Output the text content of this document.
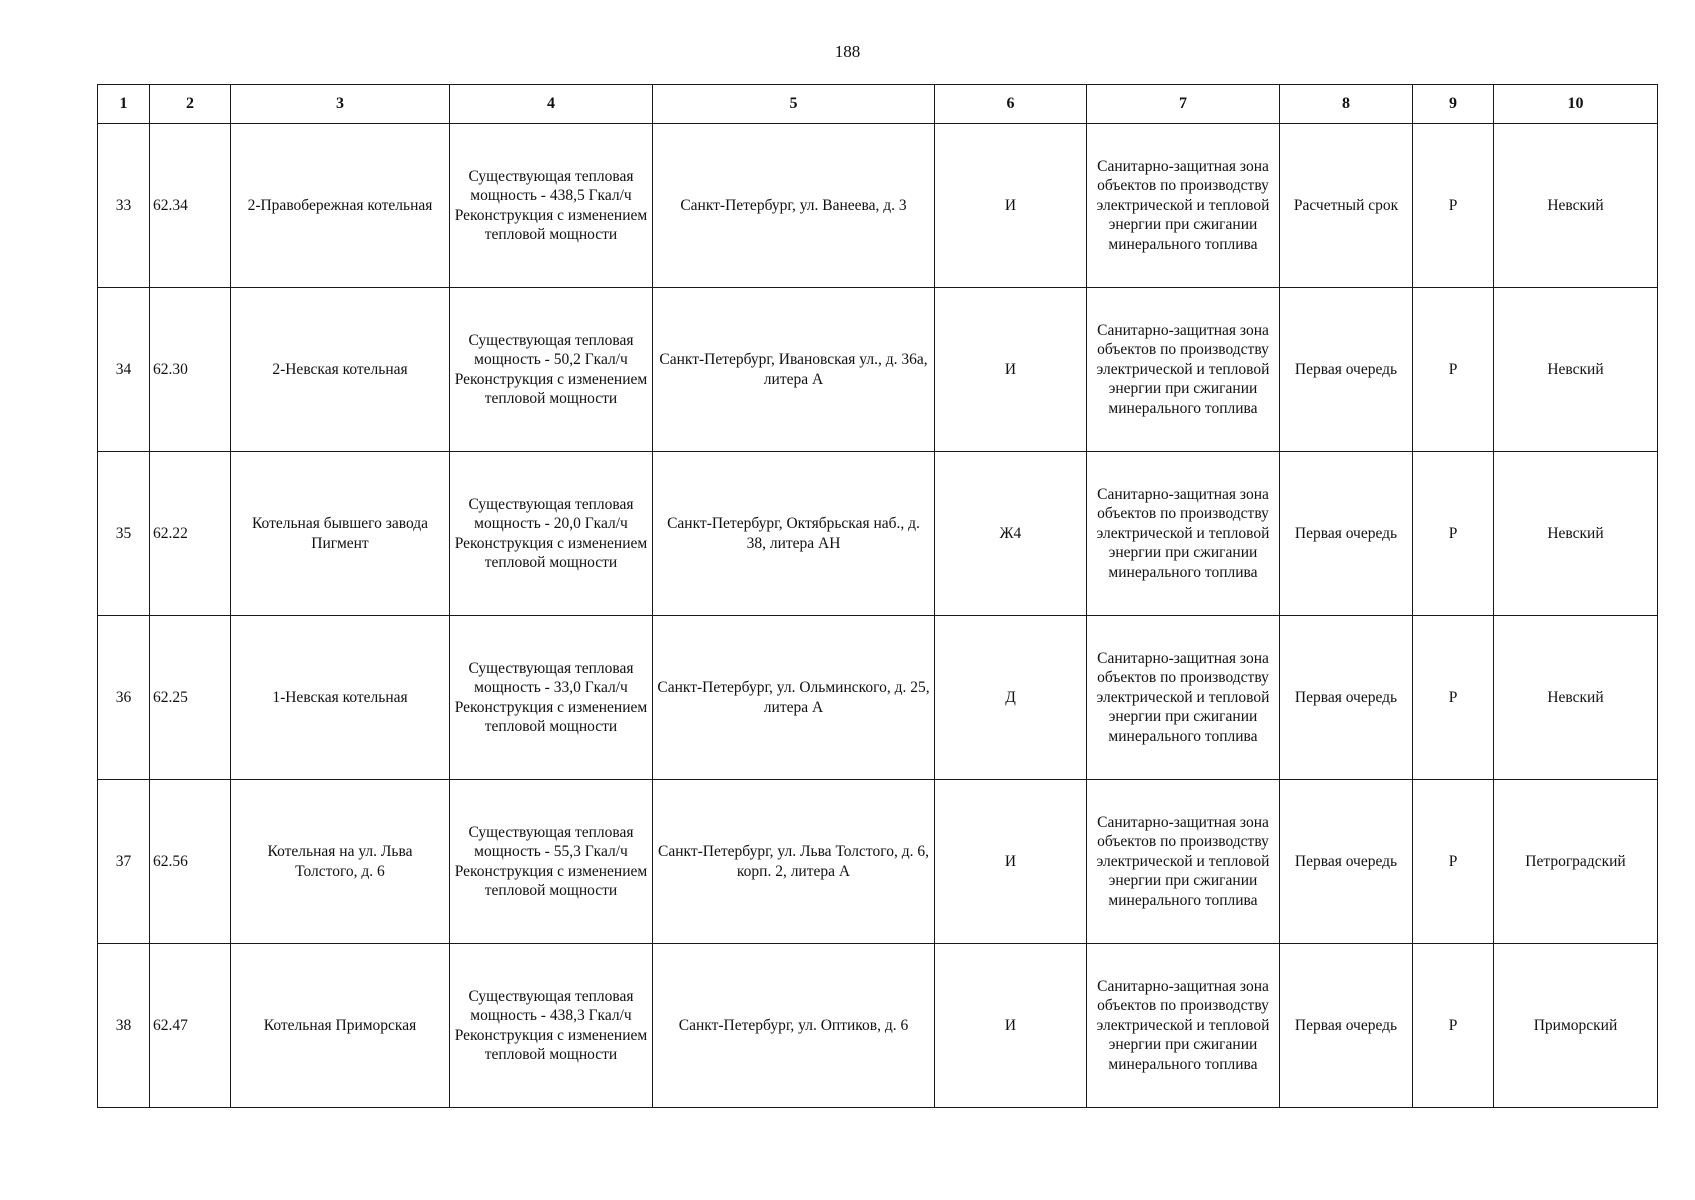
188
1	2	3	4	5	6	7	8	9	10
33	62.34	2-Правобережная котельная	Существующая тепловая мощность - 438,5 Гкал/ч Реконструкция с изменением тепловой мощности	Санкт-Петербург, ул. Ванеева, д. 3	И	Санитарно-защитная зона объектов по производству электрической и тепловой энергии при сжигании минерального топлива	Расчетный срок	Р	Невский
34	62.30	2-Невская котельная	Существующая тепловая мощность - 50,2 Гкал/ч Реконструкция с изменением тепловой мощности	Санкт-Петербург, Ивановская ул., д. 36а, литера А	И	Санитарно-защитная зона объектов по производству электрической и тепловой энергии при сжигании минерального топлива	Первая очередь	Р	Невский
35	62.22	Котельная бывшего завода Пигмент	Существующая тепловая мощность - 20,0 Гкал/ч Реконструкция с изменением тепловой мощности	Санкт-Петербург, Октябрьская наб., д. 38, литера АН	Ж4	Санитарно-защитная зона объектов по производству электрической и тепловой энергии при сжигании минерального топлива	Первая очередь	Р	Невский
36	62.25	1-Невская котельная	Существующая тепловая мощность - 33,0 Гкал/ч Реконструкция с изменением тепловой мощности	Санкт-Петербург, ул. Ольминского, д. 25, литера А	Д	Санитарно-защитная зона объектов по производству электрической и тепловой энергии при сжигании минерального топлива	Первая очередь	Р	Невский
37	62.56	Котельная на ул. Льва Толстого, д. 6	Существующая тепловая мощность - 55,3 Гкал/ч Реконструкция с изменением тепловой мощности	Санкт-Петербург, ул. Льва Толстого, д. 6, корп. 2, литера А	И	Санитарно-защитная зона объектов по производству электрической и тепловой энергии при сжигании минерального топлива	Первая очередь	Р	Петроградский
38	62.47	Котельная Приморская	Существующая тепловая мощность - 438,3 Гкал/ч Реконструкция с изменением тепловой мощности	Санкт-Петербург, ул. Оптиков, д. 6	И	Санитарно-защитная зона объектов по производству электрической и тепловой энергии при сжигании минерального топлива	Первая очередь	Р	Приморский
